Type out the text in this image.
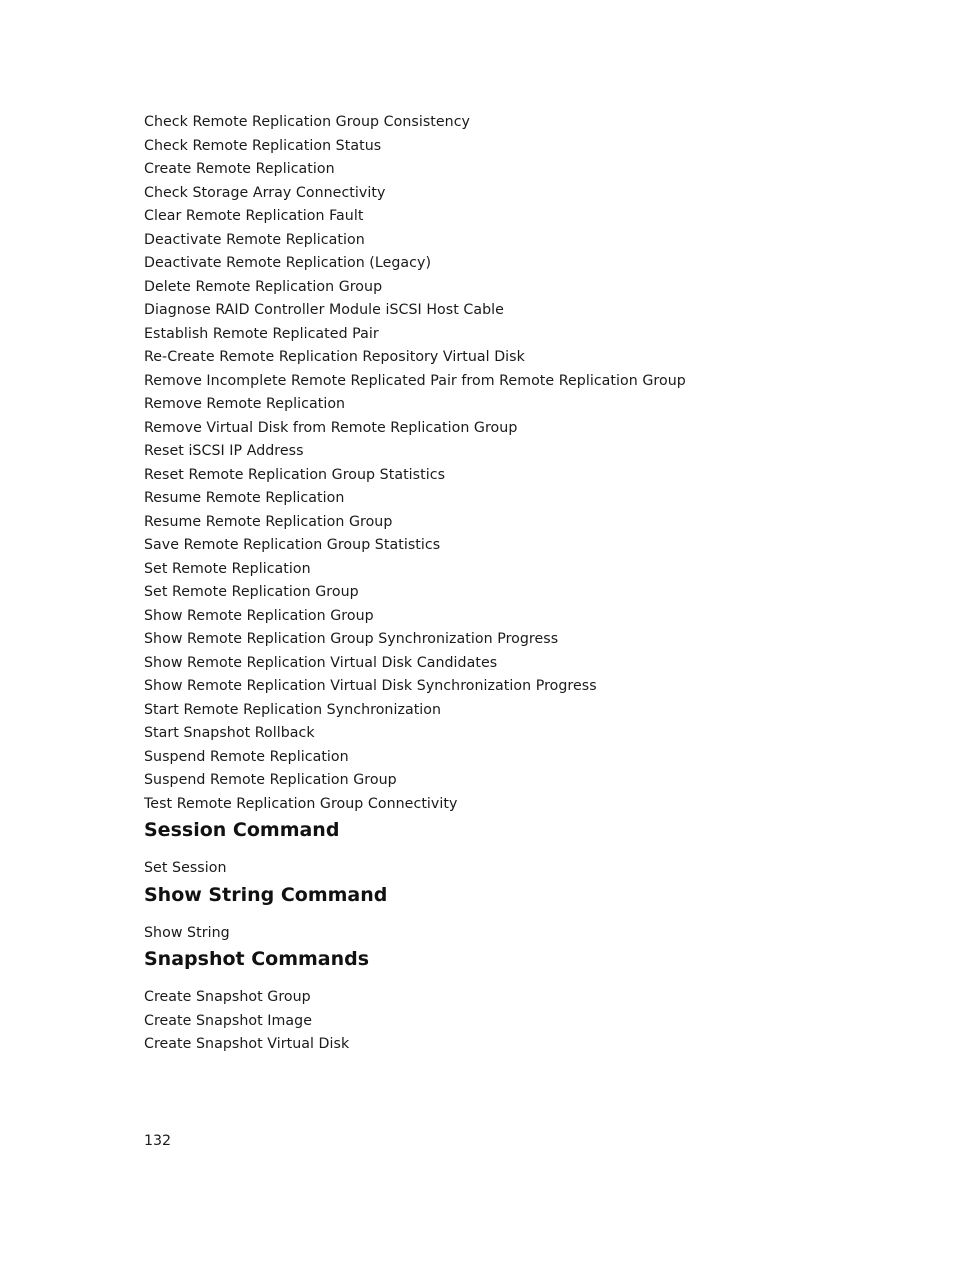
Check Remote Replication Group Consistency
Check Remote Replication Status
Create Remote Replication
Check Storage Array Connectivity
Clear Remote Replication Fault
Deactivate Remote Replication
Deactivate Remote Replication (Legacy)
Delete Remote Replication Group
Diagnose RAID Controller Module iSCSI Host Cable
Establish Remote Replicated Pair
Re-Create Remote Replication Repository Virtual Disk
Remove Incomplete Remote Replicated Pair from Remote Replication Group
Remove Remote Replication
Remove Virtual Disk from Remote Replication Group
Reset iSCSI IP Address
Reset Remote Replication Group Statistics
Resume Remote Replication
Resume Remote Replication Group
Save Remote Replication Group Statistics
Set Remote Replication
Set Remote Replication Group
Show Remote Replication Group
Show Remote Replication Group Synchronization Progress
Show Remote Replication Virtual Disk Candidates
Show Remote Replication Virtual Disk Synchronization Progress
Start Remote Replication Synchronization
Start Snapshot Rollback
Suspend Remote Replication
Suspend Remote Replication Group
Test Remote Replication Group Connectivity
Session Command
Set Session
Show String Command
Show String
Snapshot Commands
Create Snapshot Group
Create Snapshot Image
Create Snapshot Virtual Disk
132
